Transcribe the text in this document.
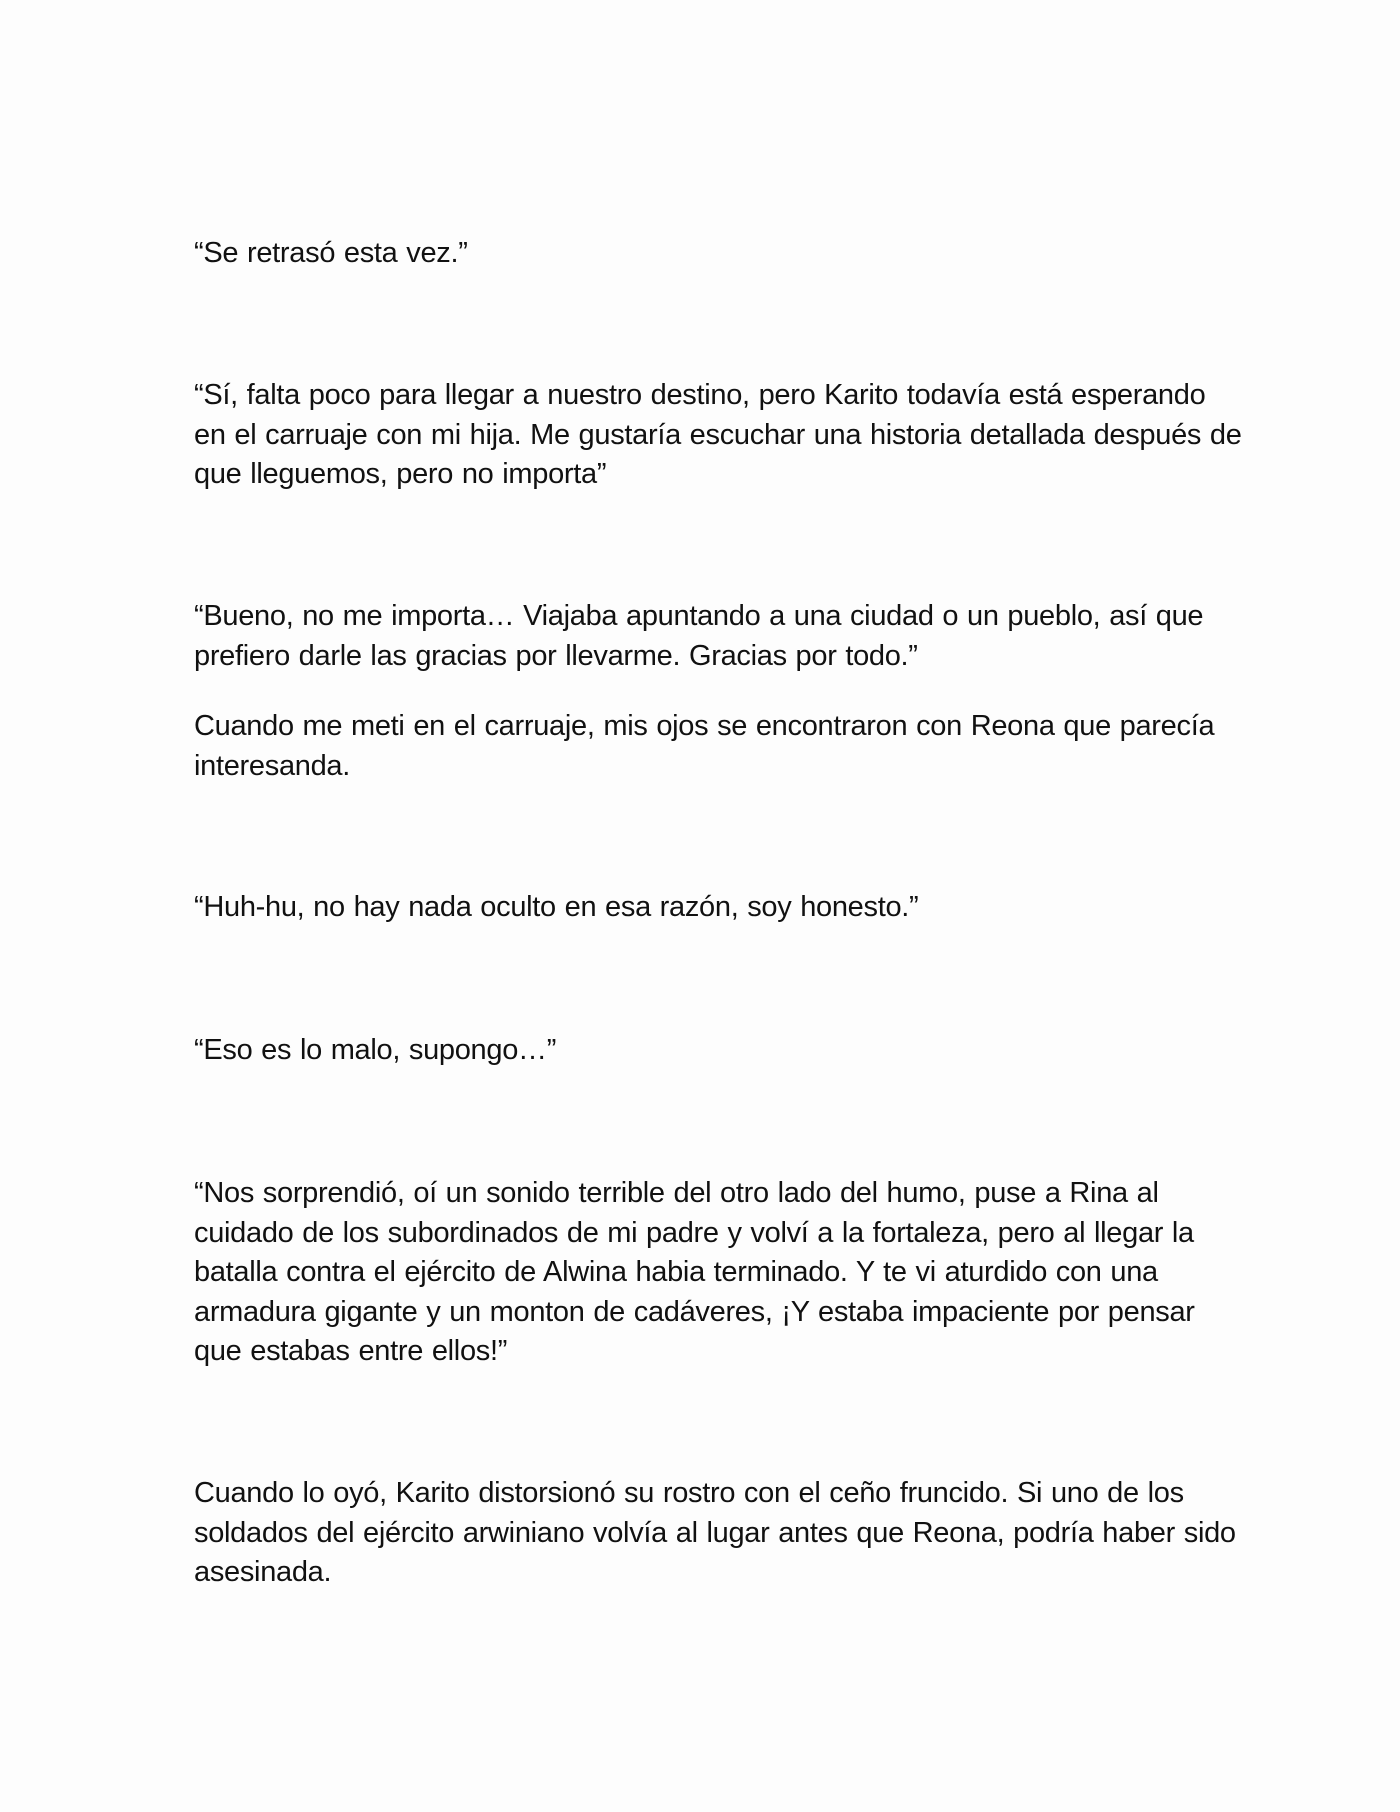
“Se retrasó esta vez.”

“Sí, falta poco para llegar a nuestro destino, pero Karito todavía está esperando en el carruaje con mi hija. Me gustaría escuchar una historia detallada después de que lleguemos, pero no importa”

“Bueno, no me importa… Viajaba apuntando a una ciudad o un pueblo, así que prefiero darle las gracias por llevarme. Gracias por todo.”

Cuando me meti en el carruaje, mis ojos se encontraron con Reona que parecía interesanda.

“Huh-hu, no hay nada oculto en esa razón, soy honesto.”

“Eso es lo malo, supongo…”

“Nos sorprendió, oí un sonido terrible del otro lado del humo, puse a Rina al cuidado de los subordinados de mi padre y volví a la fortaleza, pero al llegar la batalla contra el ejército de Alwina habia terminado. Y te vi aturdido con una armadura gigante y un monton de cadáveres, ¡Y estaba impaciente por pensar que estabas entre ellos!”

Cuando lo oyó, Karito distorsionó su rostro con el ceño fruncido. Si uno de los soldados del ejército arwiniano volvía al lugar antes que Reona, podría haber sido asesinada.
